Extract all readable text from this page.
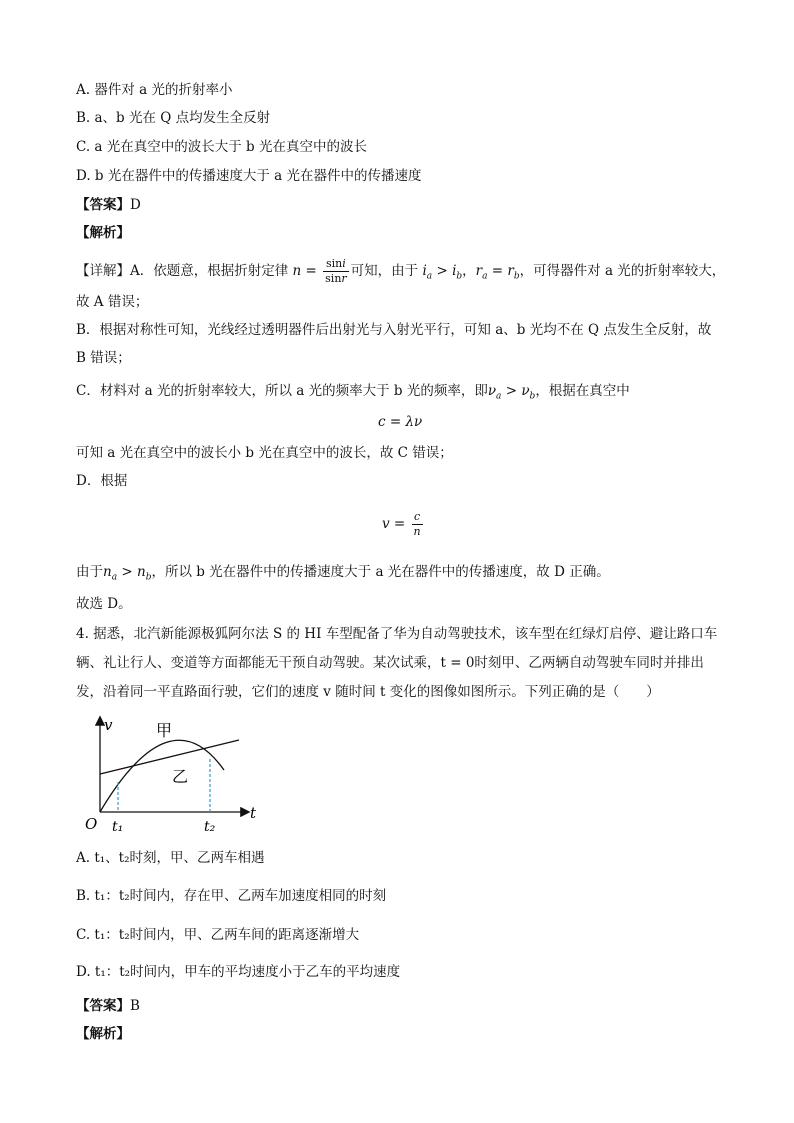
A. 器件对 a 光的折射率小
B. a、b 光在 Q 点均发生全反射
C. a 光在真空中的波长大于 b 光在真空中的波长
D. b 光在器件中的传播速度大于 a 光在器件中的传播速度
【答案】D
【解析】
【详解】A．依题意，根据折射定律 $n = \frac{\sin i}{\sin r}$ 可知，由于 $i_a > i_b$，$r_a = r_b$，可得器件对 a 光的折射率较大，
故 A 错误；
B．根据对称性可知，光线经过透明器件后出射光与入射光平行，可知 a、b 光均不在 Q 点发生全反射，故
B 错误；
C．材料对 a 光的折射率较大，所以 a 光的频率大于 b 光的频率，即$\nu_a > \nu_b$，根据在真空中
c = λν
可知 a 光在真空中的波长小 b 光在真空中的波长，故 C 错误；
D．根据
$v = \frac{c}{n}$
由于$n_a > n_b$，所以 b 光在器件中的传播速度大于 a 光在器件中的传播速度，故 D 正确。
故选 D。
4. 据悉，北汽新能源极狐阿尔法 S 的 HI 车型配备了华为自动驾驶技术，该车型在红绿灯启停、避让路口车
辆、礼让行人、变道等方面都能无干预自动驾驶。某次试乘，t = 0时刻甲、乙两辆自动驾驶车同时并排出
发，沿着同一平直路面行驶，它们的速度 v 随时间 t 变化的图像如图所示。下列正确的是（　　）
v
t
O
甲
乙
t₁	t₂
A. t₁、t₂时刻，甲、乙两车相遇
B. t₁：t₂时间内，存在甲、乙两车加速度相同的时刻
C. t₁：t₂时间内，甲、乙两车间的距离逐渐增大
D. t₁：t₂时间内，甲车的平均速度小于乙车的平均速度
【答案】B
【解析】
